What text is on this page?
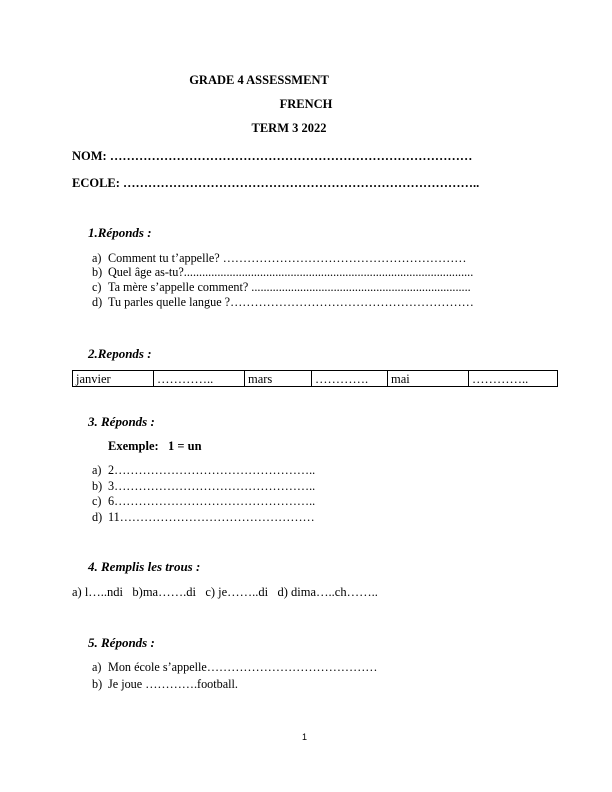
GRADE 4 ASSESSMENT
FRENCH
TERM 3 2022
NOM: ……………………………………………………………………………
ECOLE: …………………………………………………………………………..
1.Réponds :
a) Comment tu t’appelle? ……………………………………………………
b) Quel âge as-tu?...............................................................................................
c) Ta mère s’appelle comment? ........................................................................
d) Tu parles quelle langue ?……………………………………………………
2.Reponds :
janvier	…………..	mars	………….	mai	…………..
3. Réponds :
Exemple:   1 = un
a) 2…………………………………………..
b) 3…………………………………………..
c) 6…………………………………………..
d) 11…………………………………………
4. Remplis les trous :
a) l…..ndi   b)ma…….di   c) je……..di   d) dima…..ch……..
5. Réponds :
a) Mon école s’appelle……………………………………
b) Je joue ………….football.
1
